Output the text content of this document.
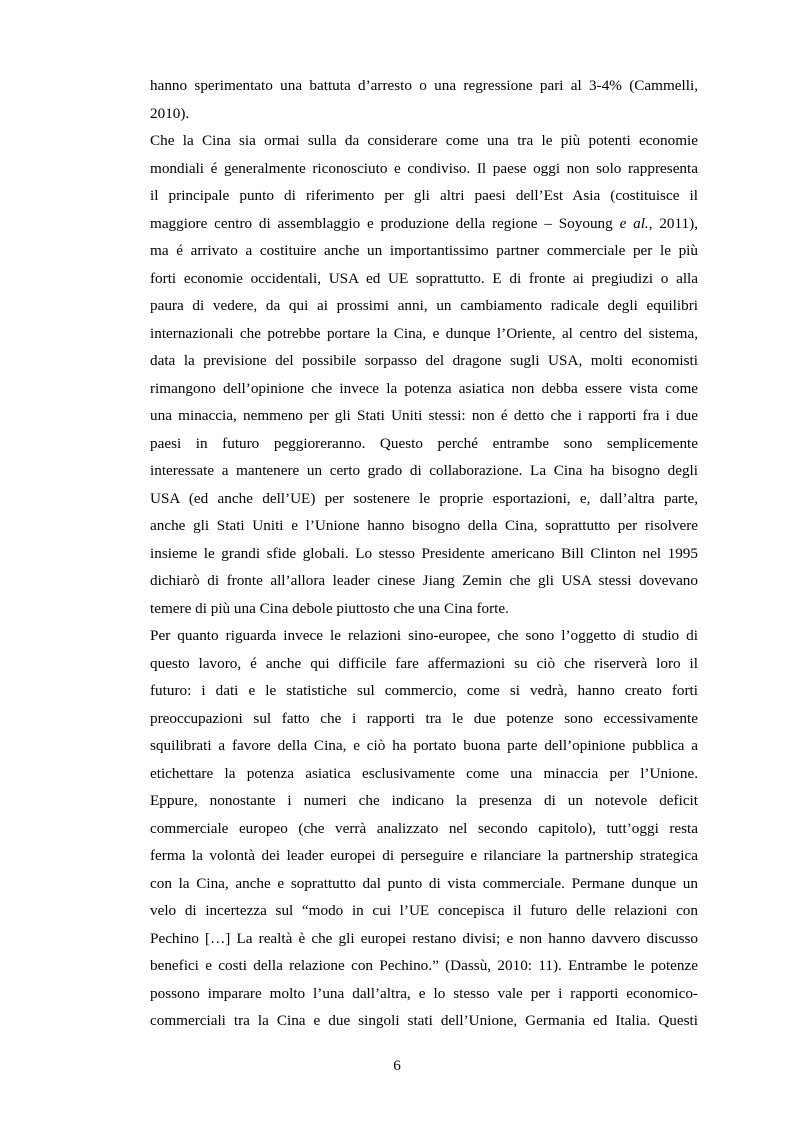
hanno sperimentato una battuta d’arresto o una regressione pari al 3-4% (Cammelli,
2010).
Che la Cina sia ormai sulla da considerare come una tra le più potenti economie
mondiali é generalmente riconosciuto e condiviso. Il paese oggi non solo rappresenta
il principale punto di riferimento per gli altri paesi dell’Est Asia (costituisce il
maggiore centro di assemblaggio e produzione della regione – Soyoung e al., 2011),
ma é arrivato a costituire anche un importantissimo partner commerciale per le più
forti economie occidentali, USA ed UE soprattutto. E di fronte ai pregiudizi o alla
paura di vedere, da qui ai prossimi anni, un cambiamento radicale degli equilibri
internazionali che potrebbe portare la Cina, e dunque l’Oriente, al centro del sistema,
data la previsione del possibile sorpasso del dragone sugli USA, molti economisti
rimangono dell’opinione che invece la potenza asiatica non debba essere vista come
una minaccia, nemmeno per gli Stati Uniti stessi: non é detto che i rapporti fra i due
paesi in futuro peggioreranno. Questo perché entrambe sono semplicemente
interessate a mantenere un certo grado di collaborazione. La Cina ha bisogno degli
USA (ed anche dell’UE) per sostenere le proprie esportazioni, e, dall’altra parte,
anche gli Stati Uniti e l’Unione hanno bisogno della Cina, soprattutto per risolvere
insieme le grandi sfide globali. Lo stesso Presidente americano Bill Clinton nel 1995
dichiarò di fronte all’allora leader cinese Jiang Zemin che gli USA stessi dovevano
temere di più una Cina debole piuttosto che una Cina forte.
Per quanto riguarda invece le relazioni sino-europee, che sono l’oggetto di studio di
questo lavoro, é anche qui difficile fare affermazioni su ciò che riserverà loro il
futuro: i dati e le statistiche sul commercio, come si vedrà, hanno creato forti
preoccupazioni sul fatto che i rapporti tra le due potenze sono eccessivamente
squilibrati a favore della Cina, e ciò ha portato buona parte dell’opinione pubblica a
etichettare la potenza asiatica esclusivamente come una minaccia per l’Unione.
Eppure, nonostante i numeri che indicano la presenza di un notevole deficit
commerciale europeo (che verrà analizzato nel secondo capitolo), tutt’oggi resta
ferma la volontà dei leader europei di perseguire e rilanciare la partnership strategica
con la Cina, anche e soprattutto dal punto di vista commerciale. Permane dunque un
velo di incertezza sul “modo in cui l’UE concepisca il futuro delle relazioni con
Pechino […] La realtà è che gli europei restano divisi; e non hanno davvero discusso
benefici e costi della relazione con Pechino.” (Dassù, 2010: 11). Entrambe le potenze
possono imparare molto l’una dall’altra, e lo stesso vale per i rapporti economico-
commerciali tra la Cina e due singoli stati dell’Unione, Germania ed Italia. Questi
6
